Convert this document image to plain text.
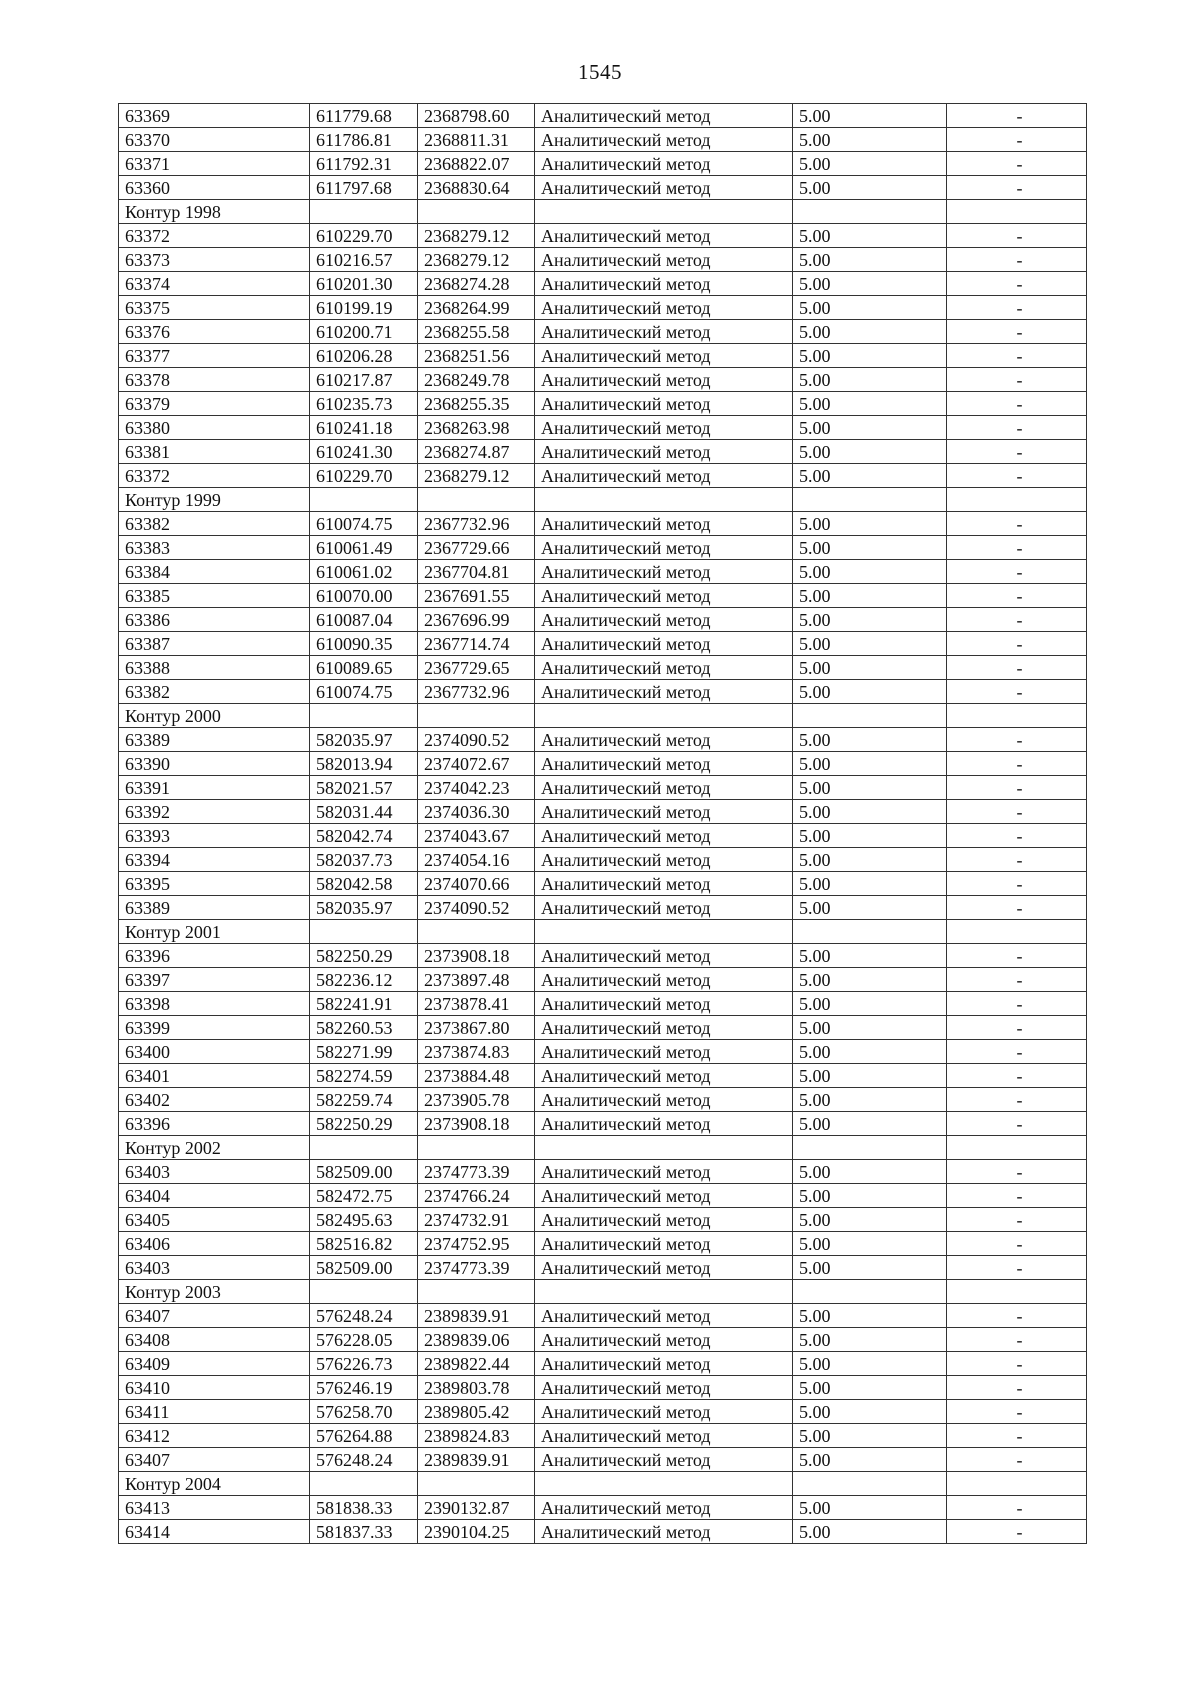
1545
63369	611779.68	2368798.60	Аналитический метод	5.00	-
63370	611786.81	2368811.31	Аналитический метод	5.00	-
63371	611792.31	2368822.07	Аналитический метод	5.00	-
63360	611797.68	2368830.64	Аналитический метод	5.00	-
Контур 1998					
63372	610229.70	2368279.12	Аналитический метод	5.00	-
63373	610216.57	2368279.12	Аналитический метод	5.00	-
63374	610201.30	2368274.28	Аналитический метод	5.00	-
63375	610199.19	2368264.99	Аналитический метод	5.00	-
63376	610200.71	2368255.58	Аналитический метод	5.00	-
63377	610206.28	2368251.56	Аналитический метод	5.00	-
63378	610217.87	2368249.78	Аналитический метод	5.00	-
63379	610235.73	2368255.35	Аналитический метод	5.00	-
63380	610241.18	2368263.98	Аналитический метод	5.00	-
63381	610241.30	2368274.87	Аналитический метод	5.00	-
63372	610229.70	2368279.12	Аналитический метод	5.00	-
Контур 1999					
63382	610074.75	2367732.96	Аналитический метод	5.00	-
63383	610061.49	2367729.66	Аналитический метод	5.00	-
63384	610061.02	2367704.81	Аналитический метод	5.00	-
63385	610070.00	2367691.55	Аналитический метод	5.00	-
63386	610087.04	2367696.99	Аналитический метод	5.00	-
63387	610090.35	2367714.74	Аналитический метод	5.00	-
63388	610089.65	2367729.65	Аналитический метод	5.00	-
63382	610074.75	2367732.96	Аналитический метод	5.00	-
Контур 2000					
63389	582035.97	2374090.52	Аналитический метод	5.00	-
63390	582013.94	2374072.67	Аналитический метод	5.00	-
63391	582021.57	2374042.23	Аналитический метод	5.00	-
63392	582031.44	2374036.30	Аналитический метод	5.00	-
63393	582042.74	2374043.67	Аналитический метод	5.00	-
63394	582037.73	2374054.16	Аналитический метод	5.00	-
63395	582042.58	2374070.66	Аналитический метод	5.00	-
63389	582035.97	2374090.52	Аналитический метод	5.00	-
Контур 2001					
63396	582250.29	2373908.18	Аналитический метод	5.00	-
63397	582236.12	2373897.48	Аналитический метод	5.00	-
63398	582241.91	2373878.41	Аналитический метод	5.00	-
63399	582260.53	2373867.80	Аналитический метод	5.00	-
63400	582271.99	2373874.83	Аналитический метод	5.00	-
63401	582274.59	2373884.48	Аналитический метод	5.00	-
63402	582259.74	2373905.78	Аналитический метод	5.00	-
63396	582250.29	2373908.18	Аналитический метод	5.00	-
Контур 2002					
63403	582509.00	2374773.39	Аналитический метод	5.00	-
63404	582472.75	2374766.24	Аналитический метод	5.00	-
63405	582495.63	2374732.91	Аналитический метод	5.00	-
63406	582516.82	2374752.95	Аналитический метод	5.00	-
63403	582509.00	2374773.39	Аналитический метод	5.00	-
Контур 2003					
63407	576248.24	2389839.91	Аналитический метод	5.00	-
63408	576228.05	2389839.06	Аналитический метод	5.00	-
63409	576226.73	2389822.44	Аналитический метод	5.00	-
63410	576246.19	2389803.78	Аналитический метод	5.00	-
63411	576258.70	2389805.42	Аналитический метод	5.00	-
63412	576264.88	2389824.83	Аналитический метод	5.00	-
63407	576248.24	2389839.91	Аналитический метод	5.00	-
Контур 2004					
63413	581838.33	2390132.87	Аналитический метод	5.00	-
63414	581837.33	2390104.25	Аналитический метод	5.00	-
